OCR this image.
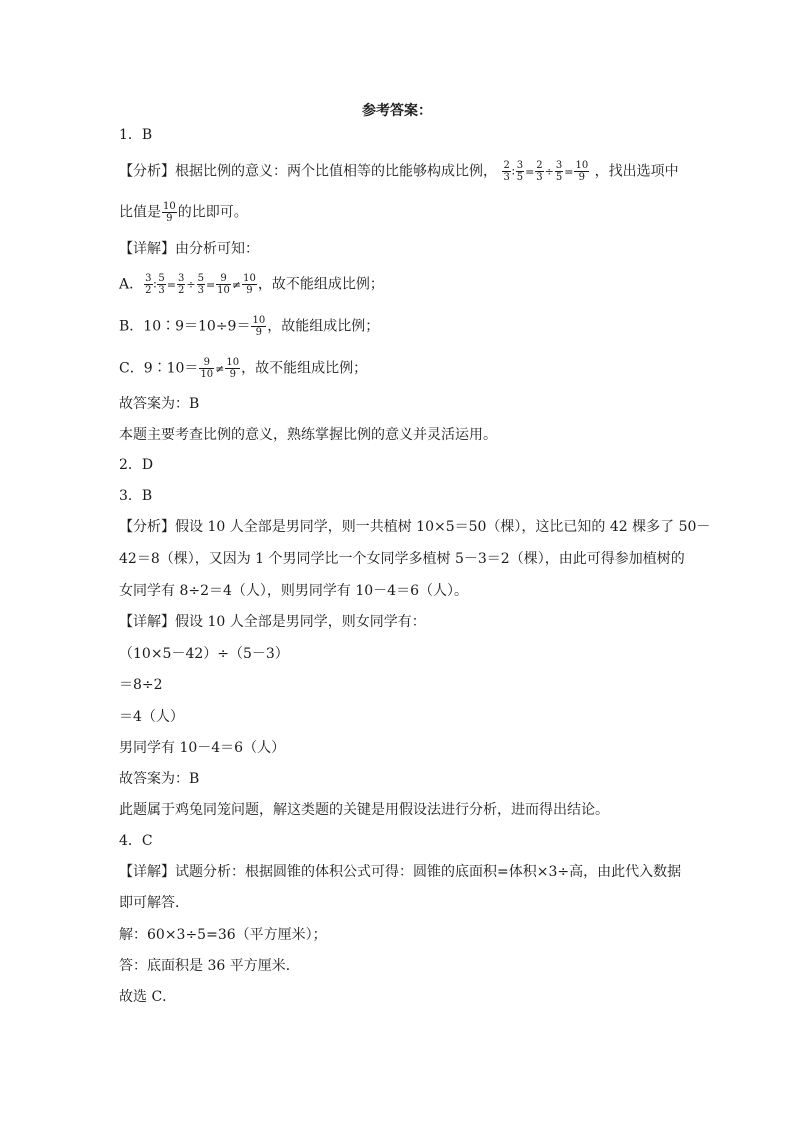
参考答案：
1．B
【分析】根据比例的意义：两个比值相等的比能够构成比例， $\frac{2}{3}$ ∶ $\frac{3}{5} = \frac{2}{3} \div \frac{3}{5} = \frac{10}{9}$ ，找出选项中
比值是 $\frac{10}{9}$ 的比即可。
【详解】由分析可知：
A． $\frac{3}{2}$ ∶ $\frac{5}{3} = \frac{3}{2} \div \frac{5}{3} = \frac{9}{10} \ne \frac{10}{9}$ ，故不能组成比例；
B．10∶9＝10÷9＝ $\frac{10}{9}$ ，故能组成比例；
C．9∶10＝ $\frac{9}{10} \ne \frac{10}{9}$ ，故不能组成比例；
故答案为：B
本题主要考查比例的意义，熟练掌握比例的意义并灵活运用。
2．D
3．B
【分析】假设 10 人全部是男同学，则一共植树 10×5＝50（棵），这比已知的 42 棵多了 50－
42＝8（棵），又因为 1 个男同学比一个女同学多植树 5－3＝2（棵），由此可得参加植树的
女同学有 8÷2＝4（人），则男同学有 10－4＝6（人）。
【详解】假设 10 人全部是男同学，则女同学有：
（10×5－42）÷（5－3）
＝8÷2
＝4（人）
男同学有 10－4＝6（人）
故答案为：B
此题属于鸡兔同笼问题，解这类题的关键是用假设法进行分析，进而得出结论。
4．C
【详解】试题分析：根据圆锥的体积公式可得：圆锥的底面积=体积×3÷高，由此代入数据
即可解答．
解：60×3÷5=36（平方厘米）；
答：底面积是 36 平方厘米．
故选 C．
